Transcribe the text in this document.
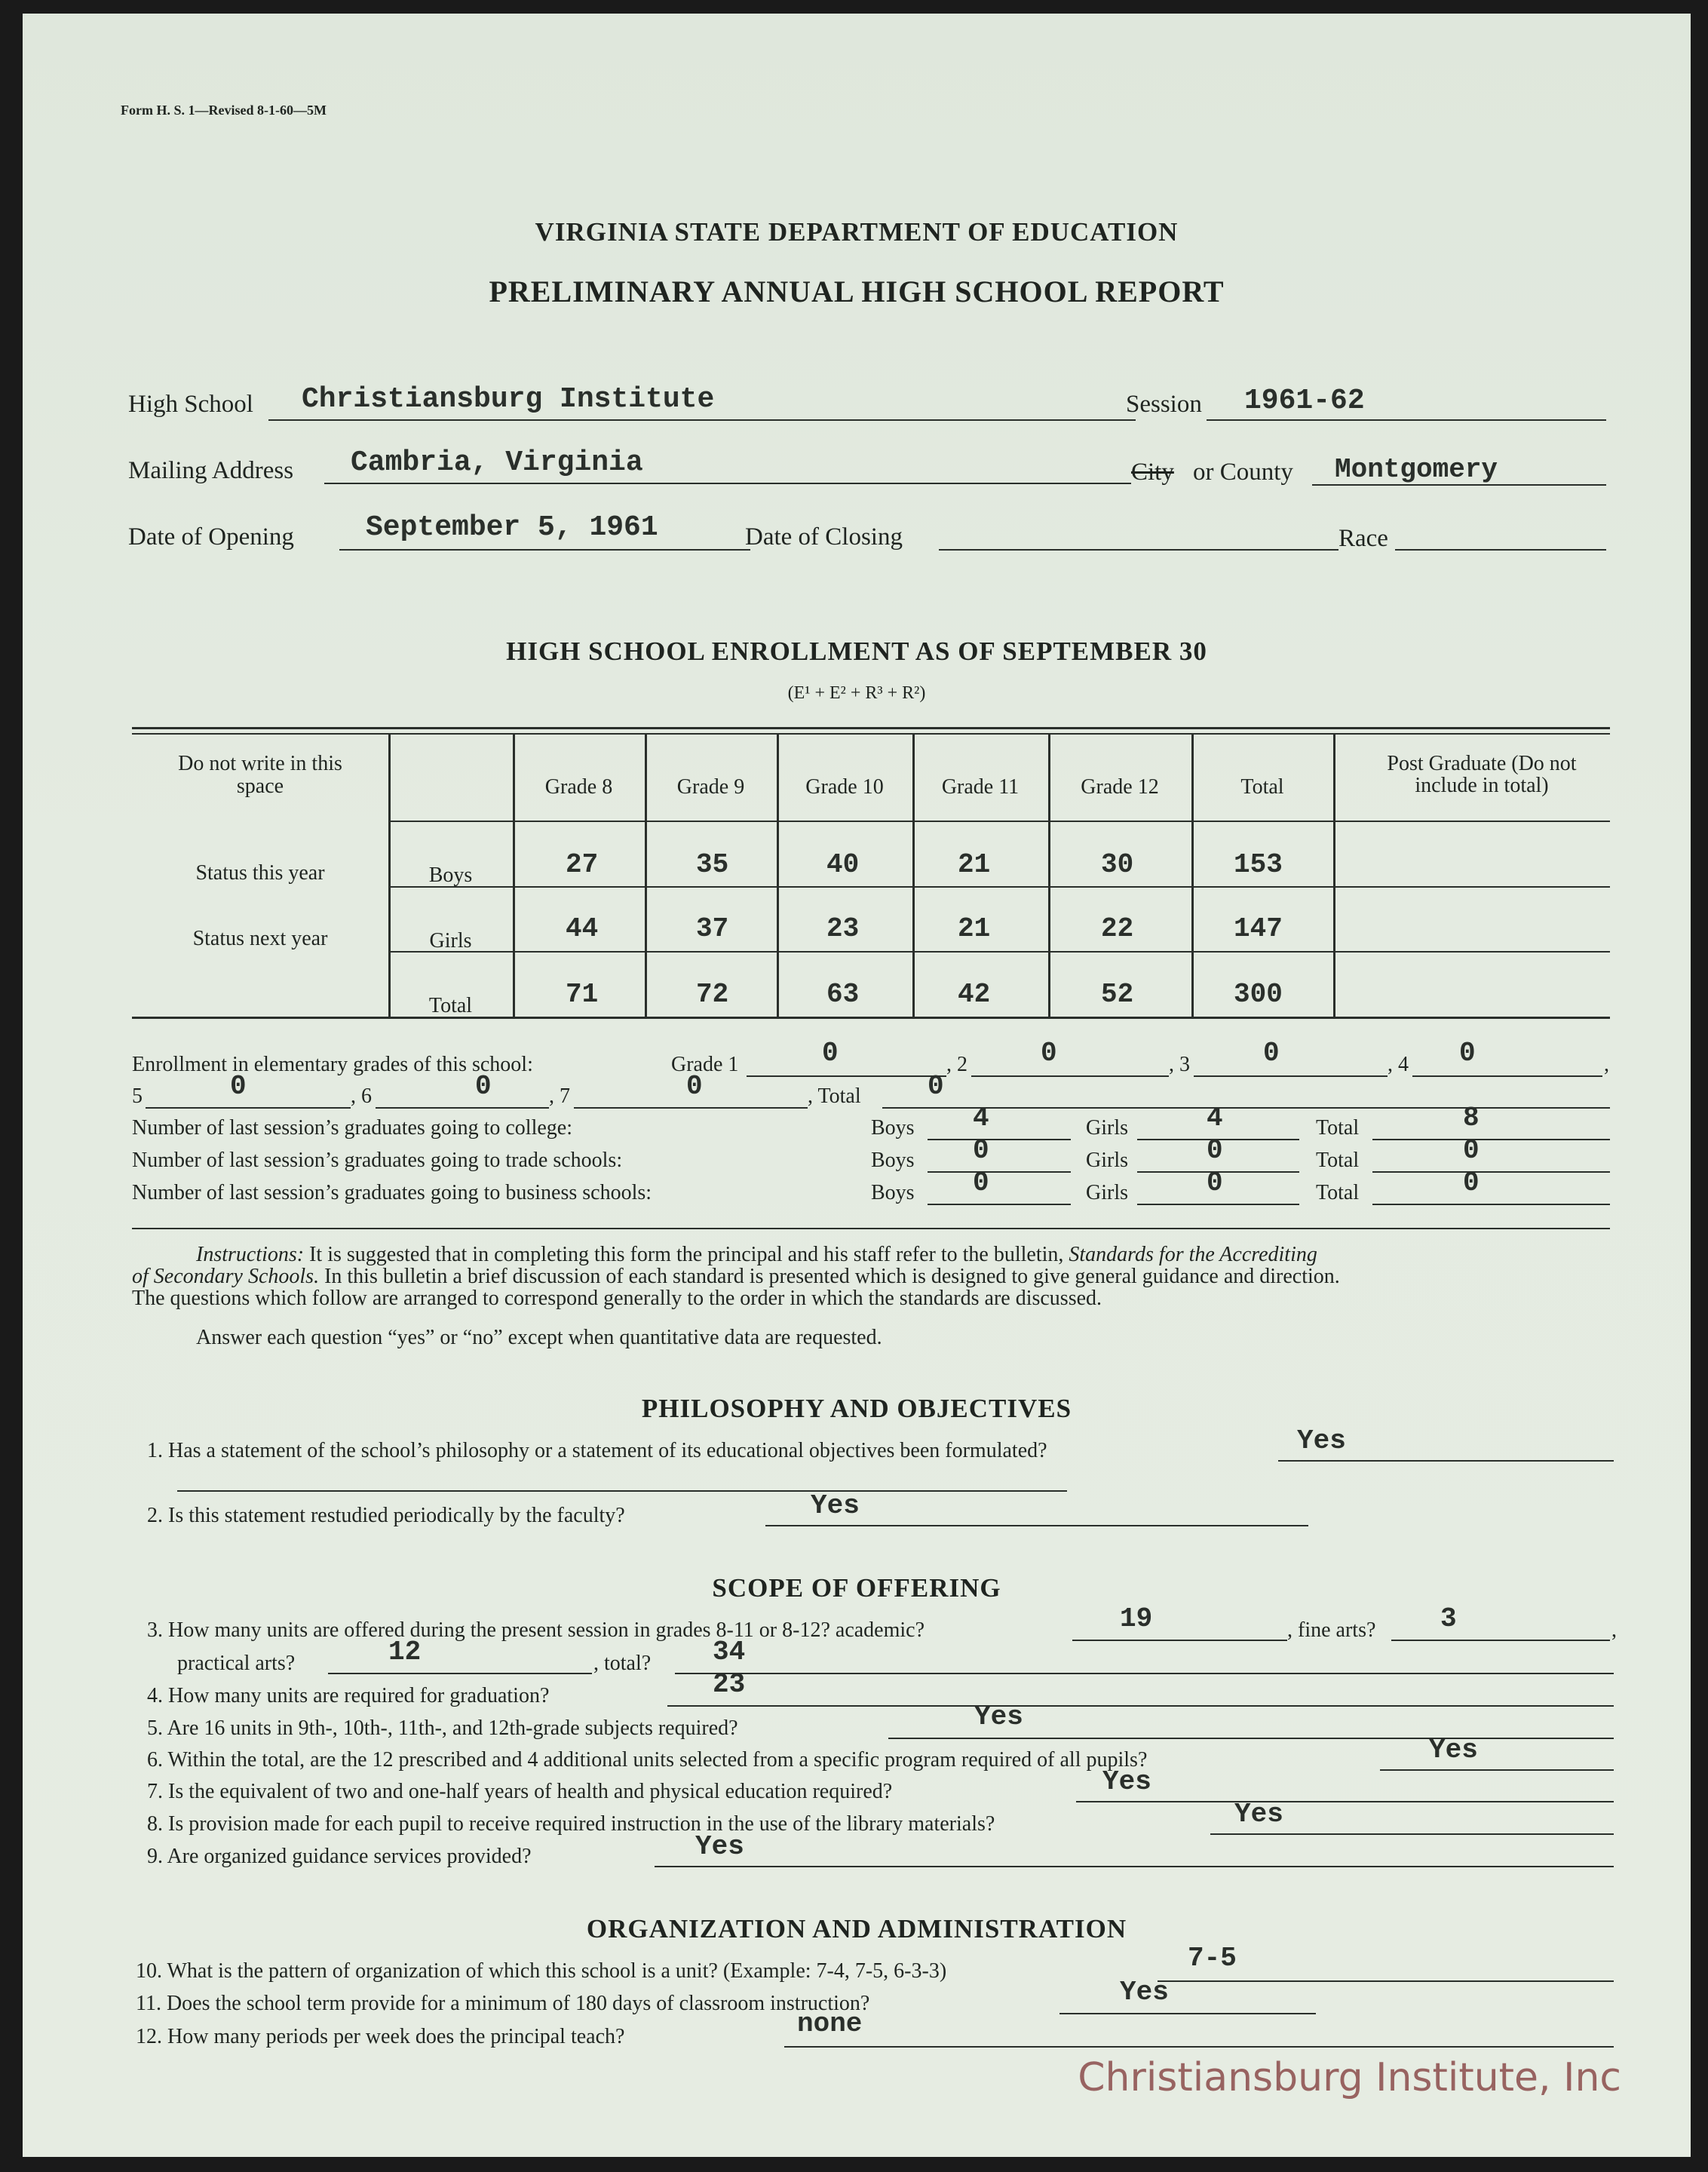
Form H. S. 1—Revised 8-1-60—5M
VIRGINIA STATE DEPARTMENT OF EDUCATION
PRELIMINARY ANNUAL HIGH SCHOOL REPORT
High School Christiansburg Institute	Session 1961-62
Mailing Address Cambria, Virginia	City or County Montgomery
Date of Opening	September 5, 1961	Date of Closing	Race
HIGH SCHOOL ENROLLMENT AS OF SEPTEMBER 30
(E¹ + E² + R³ + R²)
Do not write in this space
Status this year
Status next year
Grade 8	Grade 9	Grade 10	Grade 11	Grade 12	Total
Post Graduate (Do not include in total)
Boys	27	35	40	21	30	153
Girls	44	37	23	21	22	147
Total	71	72	63	42	52	300
Enrollment in elementary grades of this school:	Grade 1	0	, 2	0	, 3	0	, 4 0	,
5	0	, 6	0	, 7	0	, Total 0
Number of last session’s graduates going to college:	Boys 4	Girls	4	Total	8
Number of last session’s graduates going to trade schools:	Boys 0	Girls	0	Total	0
Number of last session’s graduates going to business schools:	Boys 0	Girls	0	Total	0
Instructions: It is suggested that in completing this form the principal and his staff refer to the bulletin, Standards for the Accrediting
of Secondary Schools. In this bulletin a brief discussion of each standard is presented which is designed to give general guidance and direction.
The questions which follow are arranged to correspond generally to the order in which the standards are discussed.
Answer each question “yes” or “no” except when quantitative data are requested.
PHILOSOPHY AND OBJECTIVES
1. Has a statement of the school’s philosophy or a statement of its educational objectives been formulated?	Yes
2. Is this statement restudied periodically by the faculty?	Yes
SCOPE OF OFFERING
3. How many units are offered during the present session in grades 8-11 or 8-12? academic?	19	, fine arts? 3	,
practical arts?	12	, total? 34
4. How many units are required for graduation?	23
5. Are 16 units in 9th-, 10th-, 11th-, and 12th-grade subjects required?	Yes
6. Within the total, are the 12 prescribed and 4 additional units selected from a specific program required of all pupils?	Yes
7. Is the equivalent of two and one-half years of health and physical education required?	Yes
8. Is provision made for each pupil to receive required instruction in the use of the library materials?	Yes
9. Are organized guidance services provided?	Yes
ORGANIZATION AND ADMINISTRATION
10. What is the pattern of organization of which this school is a unit? (Example: 7-4, 7-5, 6-3-3)	7-5
11. Does the school term provide for a minimum of 180 days of classroom instruction?	Yes
12. How many periods per week does the principal teach?	none
Christiansburg Institute, Inc
